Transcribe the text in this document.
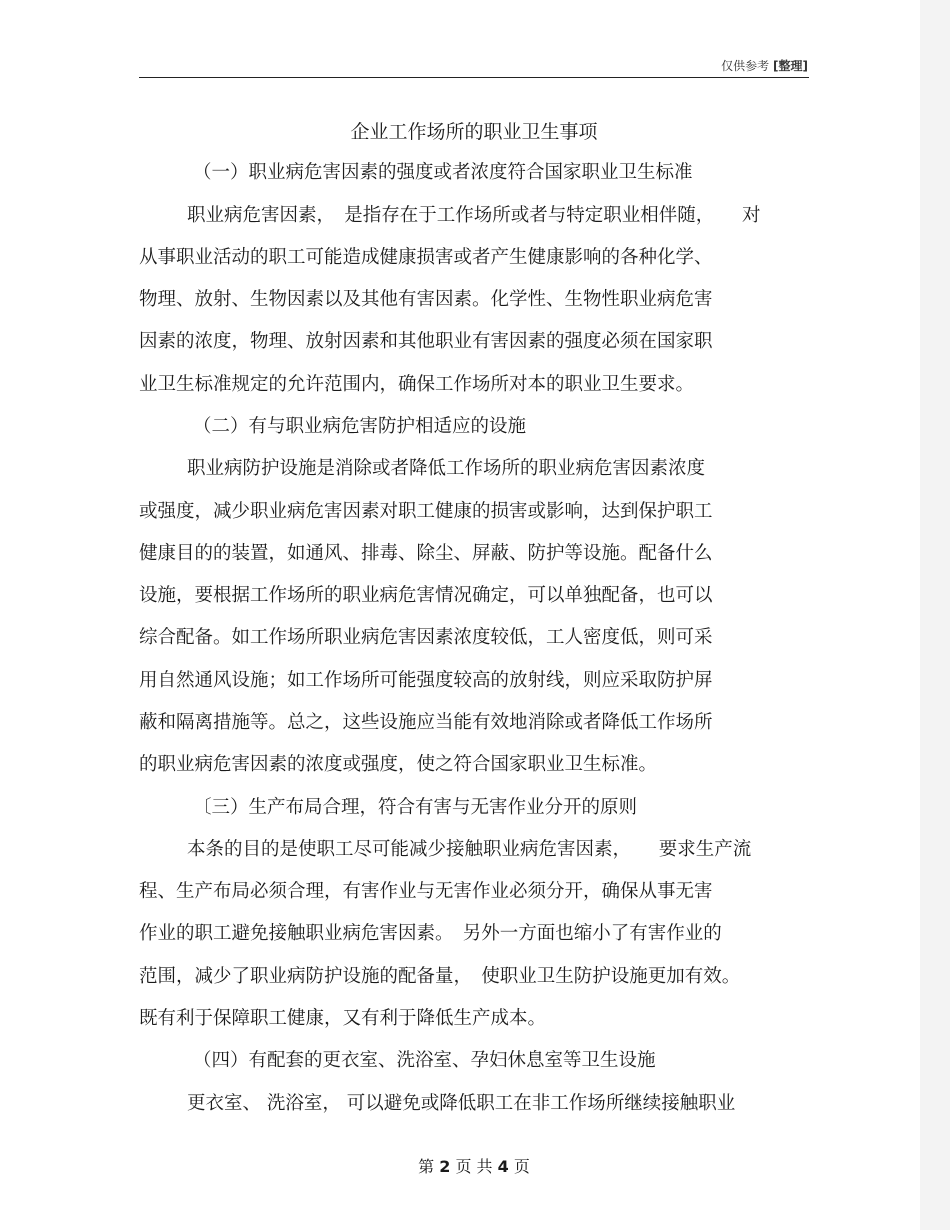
仅供参考 [整理]
企业工作场所的职业卫生事项
（一）职业病危害因素的强度或者浓度符合国家职业卫生标准
职业病危害因素，　是指存在于工作场所或者与特定职业相伴随，　　对
从事职业活动的职工可能造成健康损害或者产生健康影响的各种化学、
物理、放射、生物因素以及其他有害因素。化学性、生物性职业病危害
因素的浓度，物理、放射因素和其他职业有害因素的强度必须在国家职
业卫生标准规定的允许范围内，确保工作场所对本的职业卫生要求。
（二）有与职业病危害防护相适应的设施
职业病防护设施是消除或者降低工作场所的职业病危害因素浓度
或强度，减少职业病危害因素对职工健康的损害或影响，达到保护职工
健康目的的装置，如通风、排毒、除尘、屏蔽、防护等设施。配备什么
设施，要根据工作场所的职业病危害情况确定，可以单独配备，也可以
综合配备。如工作场所职业病危害因素浓度较低，工人密度低，则可采
用自然通风设施；如工作场所可能强度较高的放射线，则应采取防护屏
蔽和隔离措施等。总之，这些设施应当能有效地消除或者降低工作场所
的职业病危害因素的浓度或强度，使之符合国家职业卫生标准。
〔三）生产布局合理，符合有害与无害作业分开的原则
本条的目的是使职工尽可能减少接触职业病危害因素，　　要求生产流
程、生产布局必须合理，有害作业与无害作业必须分开，确保从事无害
作业的职工避免接触职业病危害因素。　另外一方面也缩小了有害作业的
范围，减少了职业病防护设施的配备量，　使职业卫生防护设施更加有效。
既有利于保障职工健康，又有利于降低生产成本。
（四）有配套的更衣室、洗浴室、孕妇休息室等卫生设施
更衣室、 洗浴室， 可以避免或降低职工在非工作场所继续接触职业
第 2 页 共 4 页
